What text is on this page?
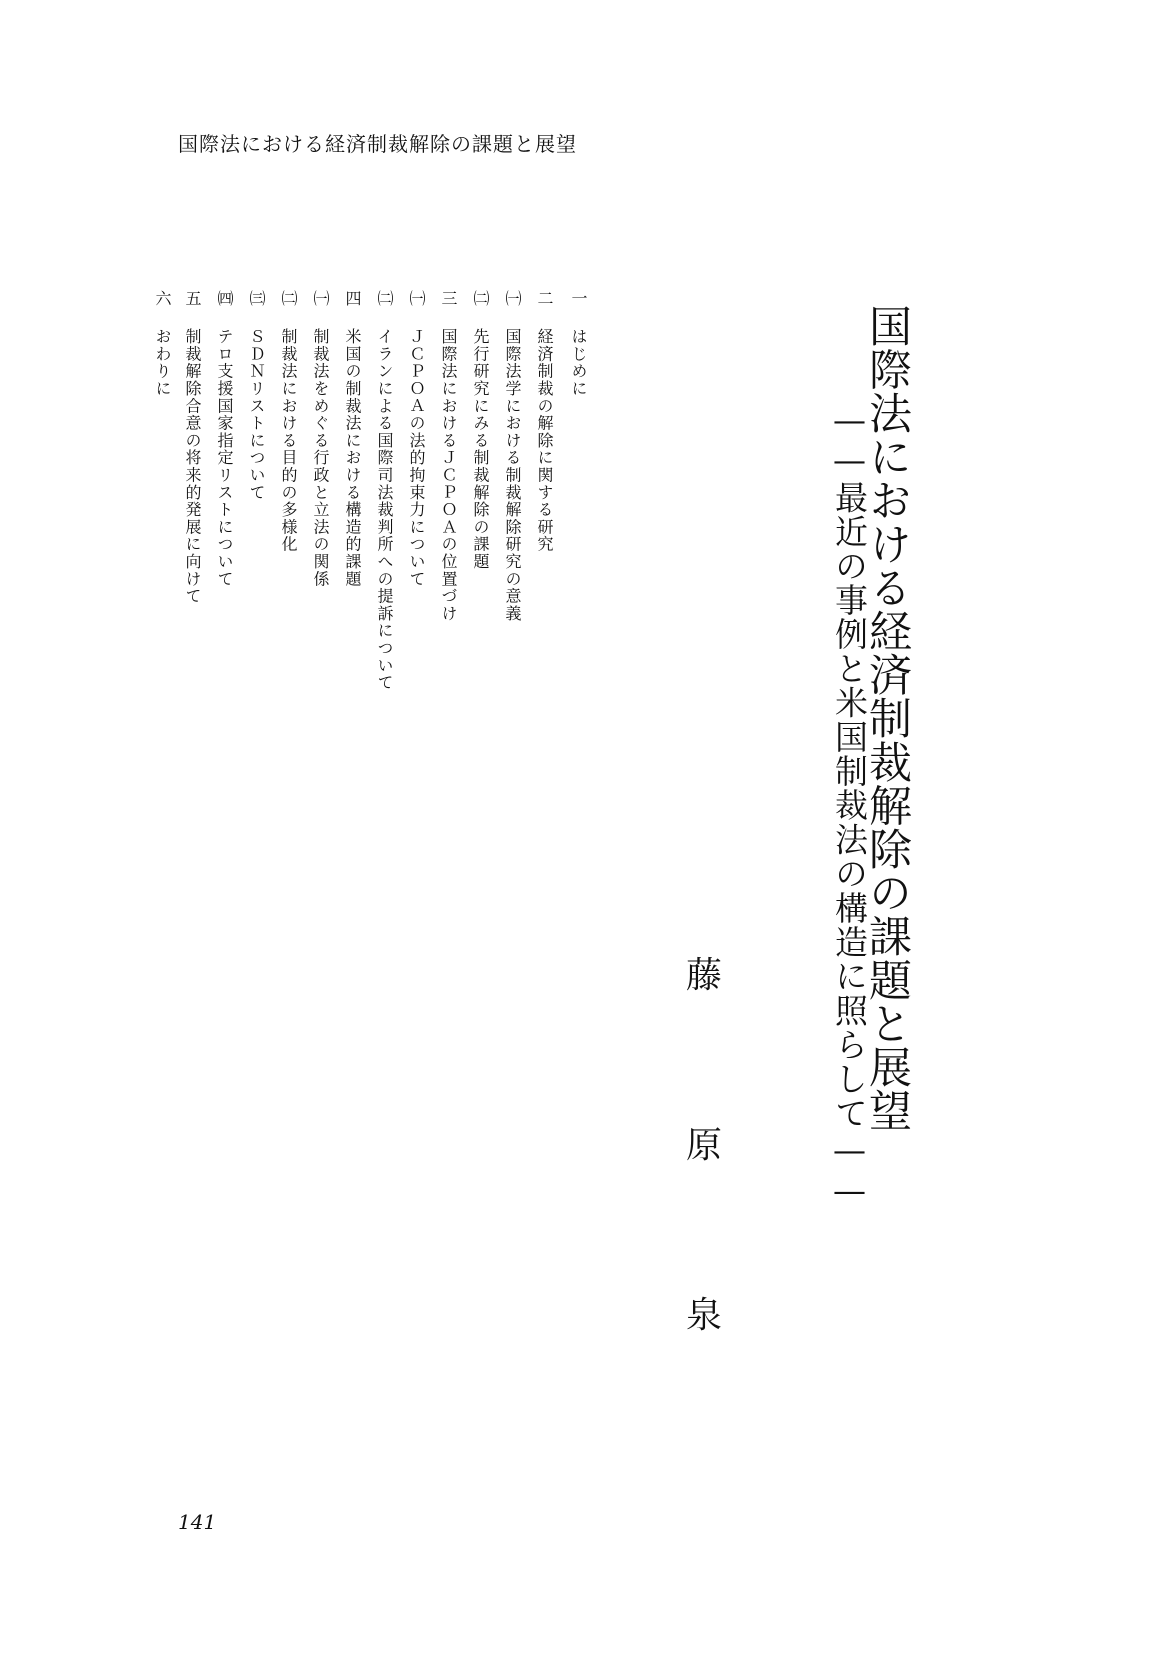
国際法における経済制裁解除の課題と展望
国際法における経済制裁解除の課題と展望
——最近の事例と米国制裁法の構造に照らして——
藤
原
泉
一
はじめに
二
経済制裁の解除に関する研究
㈠
国際法学における制裁解除研究の意義
㈡
先行研究にみる制裁解除の課題
三
国際法におけるＪＣＰＯＡの位置づけ
㈠
ＪＣＰＯＡの法的拘束力について
㈡
イランによる国際司法裁判所への提訴について
四
米国の制裁法における構造的課題
㈠
制裁法をめぐる行政と立法の関係
㈡
制裁法における目的の多様化
㈢
ＳＤＮリストについて
㈣
テロ支援国家指定リストについて
五
制裁解除合意の将来的発展に向けて
六
おわりに
141
